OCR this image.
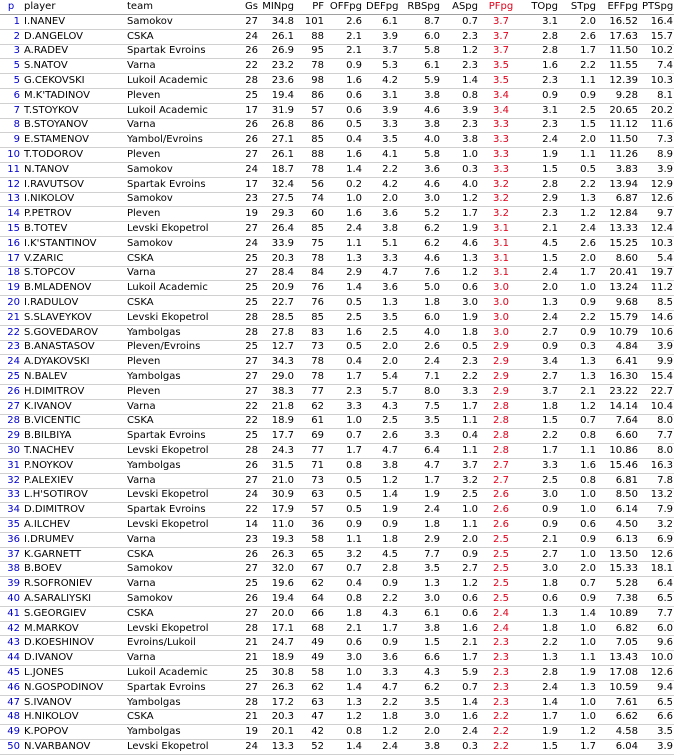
p	player	team	Gs	MINpg	PF	OFFpg	DEFpg	RBSpg	ASpg	PFpg	TOpg	STpg	EFFpg	PTSpg
1	I.NANEV	Samokov	27	34.8	101	2.6	6.1	8.7	0.7	3.7	3.1	2.0	16.52	16.4
2	D.ANGELOV	CSKA	24	26.1	88	2.1	3.9	6.0	2.3	3.7	2.8	2.6	17.63	15.7
3	A.RADEV	Spartak Evroins	26	26.9	95	2.1	3.7	5.8	1.2	3.7	2.8	1.7	11.50	10.2
5	S.NATOV	Varna	22	23.2	78	0.9	5.3	6.1	2.3	3.5	1.6	2.2	11.55	7.4
5	G.CEKOVSKI	Lukoil Academic	28	23.6	98	1.6	4.2	5.9	1.4	3.5	2.3	1.1	12.39	10.3
6	M.K'TADINOV	Pleven	25	19.4	86	0.6	3.1	3.8	0.8	3.4	0.9	0.9	9.28	8.1
7	T.STOYKOV	Lukoil Academic	17	31.9	57	0.6	3.9	4.6	3.9	3.4	3.1	2.5	20.65	20.2
8	B.STOYANOV	Varna	26	26.8	86	0.5	3.3	3.8	2.3	3.3	2.3	1.5	11.12	11.6
9	E.STAMENOV	Yambol/Evroins	26	27.1	85	0.4	3.5	4.0	3.8	3.3	2.4	2.0	11.50	7.3
10	T.TODOROV	Pleven	27	26.1	88	1.6	4.1	5.8	1.0	3.3	1.9	1.1	11.26	8.9
11	N.TANOV	Samokov	24	18.7	78	1.4	2.2	3.6	0.3	3.3	1.5	0.5	3.83	3.9
12	I.RAVUTSOV	Spartak Evroins	17	32.4	56	0.2	4.2	4.6	4.0	3.2	2.8	2.2	13.94	12.9
13	I.NIKOLOV	Samokov	23	27.5	74	1.0	2.0	3.0	1.2	3.2	2.9	1.3	6.87	12.6
14	P.PETROV	Pleven	19	29.3	60	1.6	3.6	5.2	1.7	3.2	2.3	1.2	12.84	9.7
15	B.TOTEV	Levski Ekopetrol	27	26.4	85	2.4	3.8	6.2	1.9	3.1	2.1	2.4	13.33	12.4
16	I.K'STANTINOV	Samokov	24	33.9	75	1.1	5.1	6.2	4.6	3.1	4.5	2.6	15.25	10.3
17	V.ZARIC	CSKA	25	20.3	78	1.3	3.3	4.6	1.3	3.1	1.5	2.0	8.60	5.4
18	S.TOPCOV	Varna	27	28.4	84	2.9	4.7	7.6	1.2	3.1	2.4	1.7	20.41	19.7
19	B.MLADENOV	Lukoil Academic	25	20.9	76	1.4	3.6	5.0	0.6	3.0	2.0	1.0	13.24	11.2
20	I.RADULOV	CSKA	25	22.7	76	0.5	1.3	1.8	3.0	3.0	1.3	0.9	9.68	8.5
21	S.SLAVEYKOV	Levski Ekopetrol	28	28.5	85	2.5	3.5	6.0	1.9	3.0	2.4	2.2	15.79	14.6
22	S.GOVEDAROV	Yambolgas	28	27.8	83	1.6	2.5	4.0	1.8	3.0	2.7	0.9	10.79	10.6
23	B.ANASTASOV	Pleven/Evroins	25	12.7	73	0.5	2.0	2.6	0.5	2.9	0.9	0.3	4.84	3.9
24	A.DYAKOVSKI	Pleven	27	34.3	78	0.4	2.0	2.4	2.3	2.9	3.4	1.3	6.41	9.9
25	N.BALEV	Yambolgas	27	29.0	78	1.7	5.4	7.1	2.2	2.9	2.7	1.3	16.30	15.4
26	H.DIMITROV	Pleven	27	38.3	77	2.3	5.7	8.0	3.3	2.9	3.7	2.1	23.22	22.7
27	K.IVANOV	Varna	22	21.8	62	3.3	4.3	7.5	1.7	2.8	1.8	1.2	14.14	10.4
28	B.VICENTIC	CSKA	22	18.9	61	1.0	2.5	3.5	1.1	2.8	1.5	0.7	7.64	8.0
29	B.BILBIYA	Spartak Evroins	25	17.7	69	0.7	2.6	3.3	0.4	2.8	2.2	0.8	6.60	7.7
30	T.NACHEV	Levski Ekopetrol	28	24.3	77	1.7	4.7	6.4	1.1	2.8	1.7	1.1	10.86	8.0
31	P.NOYKOV	Yambolgas	26	31.5	71	0.8	3.8	4.7	3.7	2.7	3.3	1.6	15.46	16.3
32	P.ALEXIEV	Varna	27	21.0	73	0.5	1.2	1.7	3.2	2.7	2.5	0.8	6.81	7.8
33	L.H'SOTIROV	Levski Ekopetrol	24	30.9	63	0.5	1.4	1.9	2.5	2.6	3.0	1.0	8.50	13.2
34	D.DIMITROV	Spartak Evroins	22	17.9	57	0.5	1.9	2.4	1.0	2.6	0.9	1.0	6.14	7.9
35	A.ILCHEV	Levski Ekopetrol	14	11.0	36	0.9	0.9	1.8	1.1	2.6	0.9	0.6	4.50	3.2
36	I.DRUMEV	Varna	23	19.3	58	1.1	1.8	2.9	2.0	2.5	2.1	0.9	6.13	6.9
37	K.GARNETT	CSKA	26	26.3	65	3.2	4.5	7.7	0.9	2.5	2.7	1.0	13.50	12.6
38	B.BOEV	Samokov	27	32.0	67	0.7	2.8	3.5	2.7	2.5	3.0	2.0	15.33	18.1
39	R.SOFRONIEV	Varna	25	19.6	62	0.4	0.9	1.3	1.2	2.5	1.8	0.7	5.28	6.4
40	A.SARALIYSKI	Samokov	26	19.4	64	0.8	2.2	3.0	0.6	2.5	0.6	0.9	7.38	6.5
41	S.GEORGIEV	CSKA	27	20.0	66	1.8	4.3	6.1	0.6	2.4	1.3	1.4	10.89	7.7
42	M.MARKOV	Levski Ekopetrol	28	17.1	68	2.1	1.7	3.8	1.6	2.4	1.8	1.0	6.82	6.0
43	D.KOESHINOV	Evroins/Lukoil	21	24.7	49	0.6	0.9	1.5	2.1	2.3	2.2	1.0	7.05	9.6
44	D.IVANOV	Varna	21	18.9	49	3.0	3.6	6.6	1.7	2.3	1.3	1.1	13.43	10.0
45	L.JONES	Lukoil Academic	25	30.8	58	1.0	3.3	4.3	5.9	2.3	2.8	1.9	17.08	12.6
46	N.GOSPODINOV	Spartak Evroins	27	26.3	62	1.4	4.7	6.2	0.7	2.3	2.4	1.3	10.59	9.4
47	S.IVANOV	Yambolgas	28	17.2	63	1.3	2.2	3.5	1.4	2.3	1.4	1.0	7.61	6.5
48	H.NIKOLOV	CSKA	21	20.3	47	1.2	1.8	3.0	1.6	2.2	1.7	1.0	6.62	6.6
49	K.POPOV	Yambolgas	19	20.1	42	0.8	1.2	2.0	2.4	2.2	1.9	1.2	4.58	3.5
50	N.VARBANOV	Levski Ekopetrol	24	13.3	52	1.4	2.4	3.8	0.3	2.2	1.5	1.7	6.04	3.9
